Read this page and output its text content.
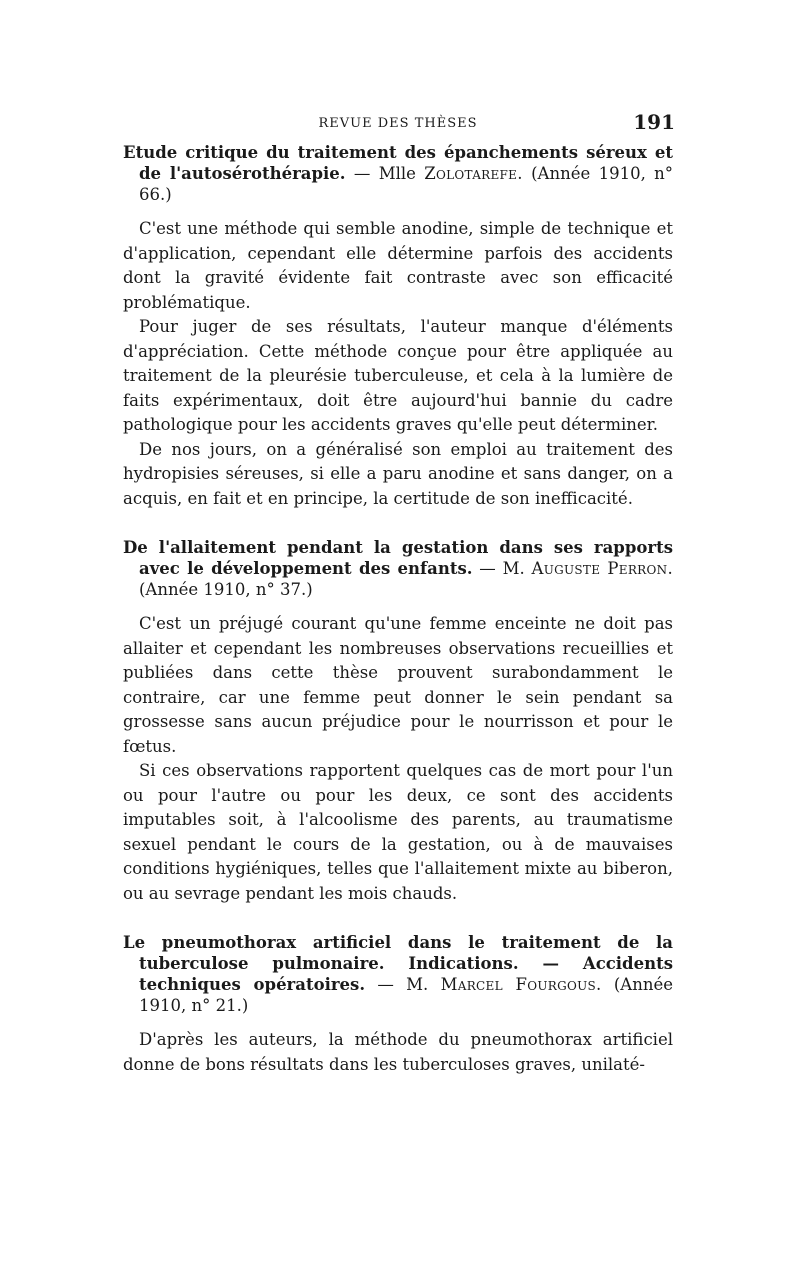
REVUE DES THÈSES	191

Etude critique du traitement des épanchements séreux et de l'autosérothérapie. — Mlle Zolotarefe. (Année 1910, n° 66.)

C'est une méthode qui semble anodine, simple de technique et d'application, cependant elle détermine parfois des accidents dont la gravité évidente fait contraste avec son efficacité problématique.

Pour juger de ses résultats, l'auteur manque d'éléments d'appréciation. Cette méthode conçue pour être appliquée au traitement de la pleurésie tuberculeuse, et cela à la lumière de faits expérimentaux, doit être aujourd'hui bannie du cadre pathologique pour les accidents graves qu'elle peut déterminer.

De nos jours, on a généralisé son emploi au traitement des hydropisies séreuses, si elle a paru anodine et sans danger, on a acquis, en fait et en principe, la certitude de son inefficacité.

De l'allaitement pendant la gestation dans ses rapports avec le développement des enfants. — M. Auguste Perron. (Année 1910, n° 37.)

C'est un préjugé courant qu'une femme enceinte ne doit pas allaiter et cependant les nombreuses observations recueillies et publiées dans cette thèse prouvent surabondamment le contraire, car une femme peut donner le sein pendant sa grossesse sans aucun préjudice pour le nourrisson et pour le fœtus.

Si ces observations rapportent quelques cas de mort pour l'un ou pour l'autre ou pour les deux, ce sont des accidents imputables soit, à l'alcoolisme des parents, au traumatisme sexuel pendant le cours de la gestation, ou à de mauvaises conditions hygiéniques, telles que l'allaitement mixte au biberon, ou au sevrage pendant les mois chauds.

Le pneumothorax artificiel dans le traitement de la tuberculose pulmonaire. Indications. — Accidents techniques opératoires. — M. Marcel Fourgous. (Année 1910, n° 21.)

D'après les auteurs, la méthode du pneumothorax artificiel donne de bons résultats dans les tuberculoses graves, unilaté-
